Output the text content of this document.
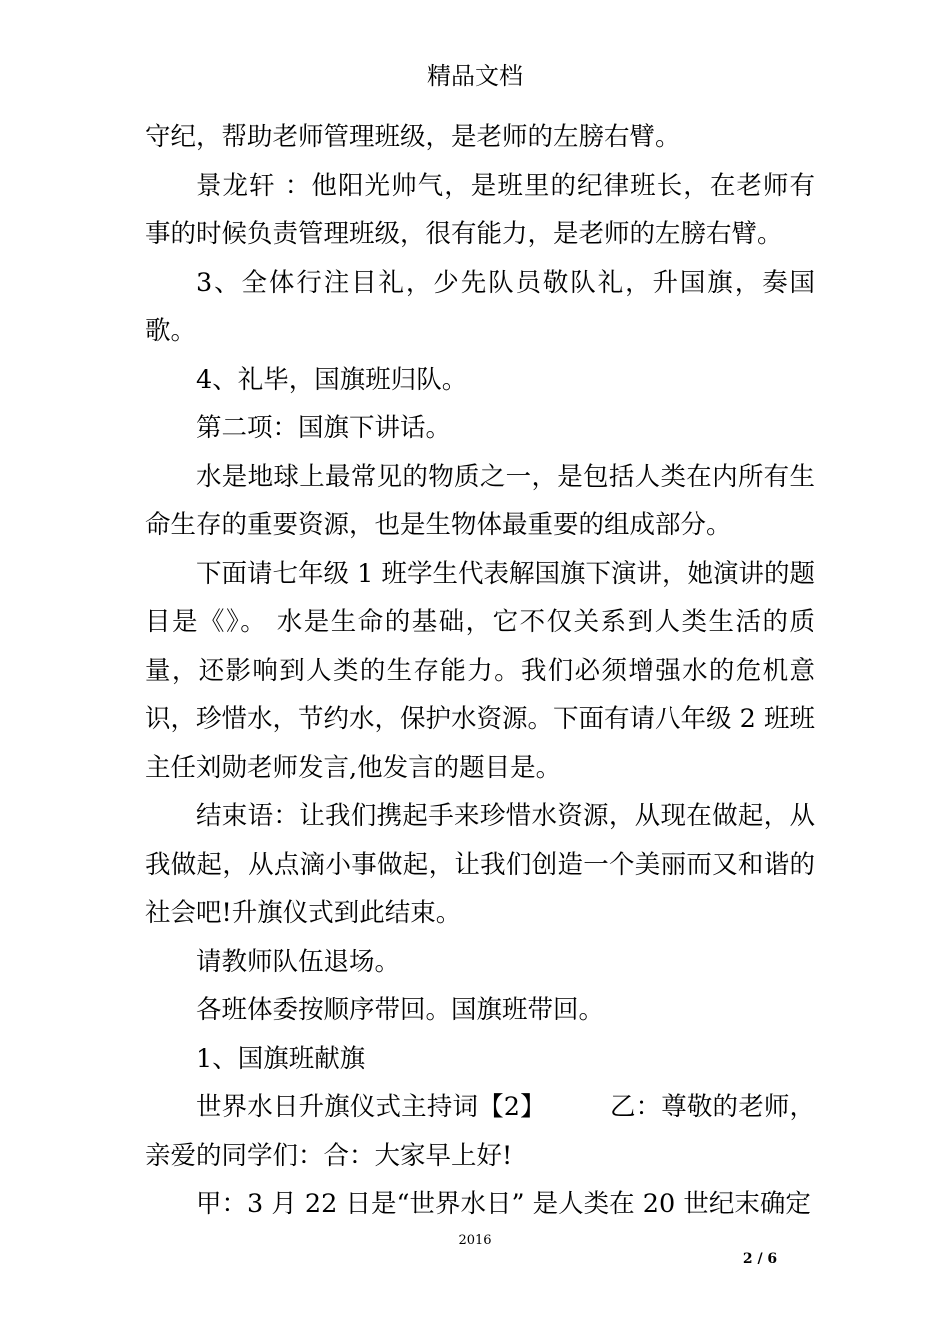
精品文档

守纪，帮助老师管理班级，是老师的左膀右臂。

景龙轩 ：他阳光帅气，是班里的纪律班长，在老师有事的时候负责管理班级，很有能力，是老师的左膀右臂。

3、全体行注目礼，少先队员敬队礼，升国旗，奏国歌。

4、礼毕，国旗班归队。

第二项：国旗下讲话。

水是地球上最常见的物质之一，是包括人类在内所有生命生存的重要资源，也是生物体最重要的组成部分。

下面请七年级 1 班学生代表解国旗下演讲，她演讲的题目是《》。 水是生命的基础，它不仅关系到人类生活的质量，还影响到人类的生存能力。我们必须增强水的危机意识，珍惜水，节约水，保护水资源。下面有请八年级 2 班班主任刘勋老师发言,他发言的题目是。

结束语：让我们携起手来珍惜水资源，从现在做起，从我做起，从点滴小事做起，让我们创造一个美丽而又和谐的社会吧!升旗仪式到此结束。

请教师队伍退场。

各班体委按顺序带回。国旗班带回。

1、国旗班献旗

世界水日升旗仪式主持词【2】　　　乙：尊敬的老师，亲爱的同学们：合：大家早上好!

甲：3 月 22 日是“世界水日” 是人类在 20 世纪末确定

2016
2 / 6
